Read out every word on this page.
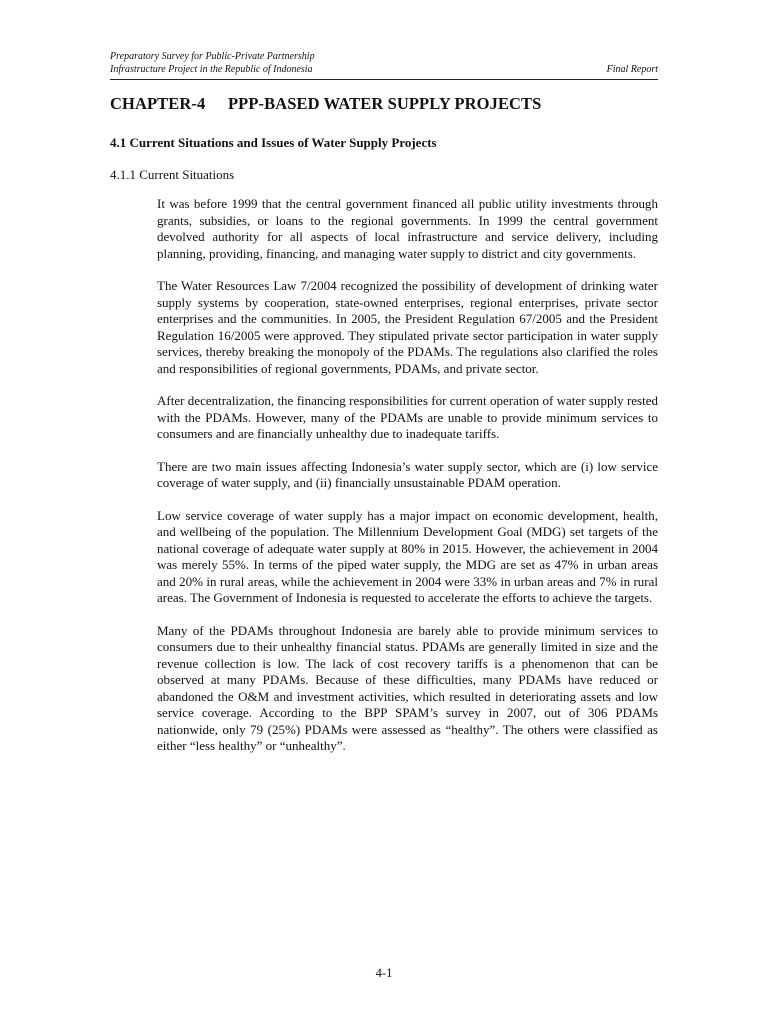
Preparatory Survey for Public-Private Partnership
Infrastructure Project in the Republic of Indonesia	Final Report
CHAPTER-4 PPP-BASED WATER SUPPLY PROJECTS
4.1 Current Situations and Issues of Water Supply Projects
4.1.1 Current Situations

It was before 1999 that the central government financed all public utility investments through grants, subsidies, or loans to the regional governments. In 1999 the central government devolved authority for all aspects of local infrastructure and service delivery, including planning, providing, financing, and managing water supply to district and city governments.

The Water Resources Law 7/2004 recognized the possibility of development of drinking water supply systems by cooperation, state-owned enterprises, regional enterprises, private sector enterprises and the communities. In 2005, the President Regulation 67/2005 and the President Regulation 16/2005 were approved. They stipulated private sector participation in water supply services, thereby breaking the monopoly of the PDAMs. The regulations also clarified the roles and responsibilities of regional governments, PDAMs, and private sector.

After decentralization, the financing responsibilities for current operation of water supply rested with the PDAMs. However, many of the PDAMs are unable to provide minimum services to consumers and are financially unhealthy due to inadequate tariffs.

There are two main issues affecting Indonesia’s water supply sector, which are (i) low service coverage of water supply, and (ii) financially unsustainable PDAM operation.

Low service coverage of water supply has a major impact on economic development, health, and wellbeing of the population. The Millennium Development Goal (MDG) set targets of the national coverage of adequate water supply at 80% in 2015. However, the achievement in 2004 was merely 55%. In terms of the piped water supply, the MDG are set as 47% in urban areas and 20% in rural areas, while the achievement in 2004 were 33% in urban areas and 7% in rural areas. The Government of Indonesia is requested to accelerate the efforts to achieve the targets.

Many of the PDAMs throughout Indonesia are barely able to provide minimum services to consumers due to their unhealthy financial status. PDAMs are generally limited in size and the revenue collection is low. The lack of cost recovery tariffs is a phenomenon that can be observed at many PDAMs. Because of these difficulties, many PDAMs have reduced or abandoned the O&M and investment activities, which resulted in deteriorating assets and low service coverage. According to the BPP SPAM’s survey in 2007, out of 306 PDAMs nationwide, only 79 (25%) PDAMs were assessed as “healthy”. The others were classified as either “less healthy” or “unhealthy”.

4-1
